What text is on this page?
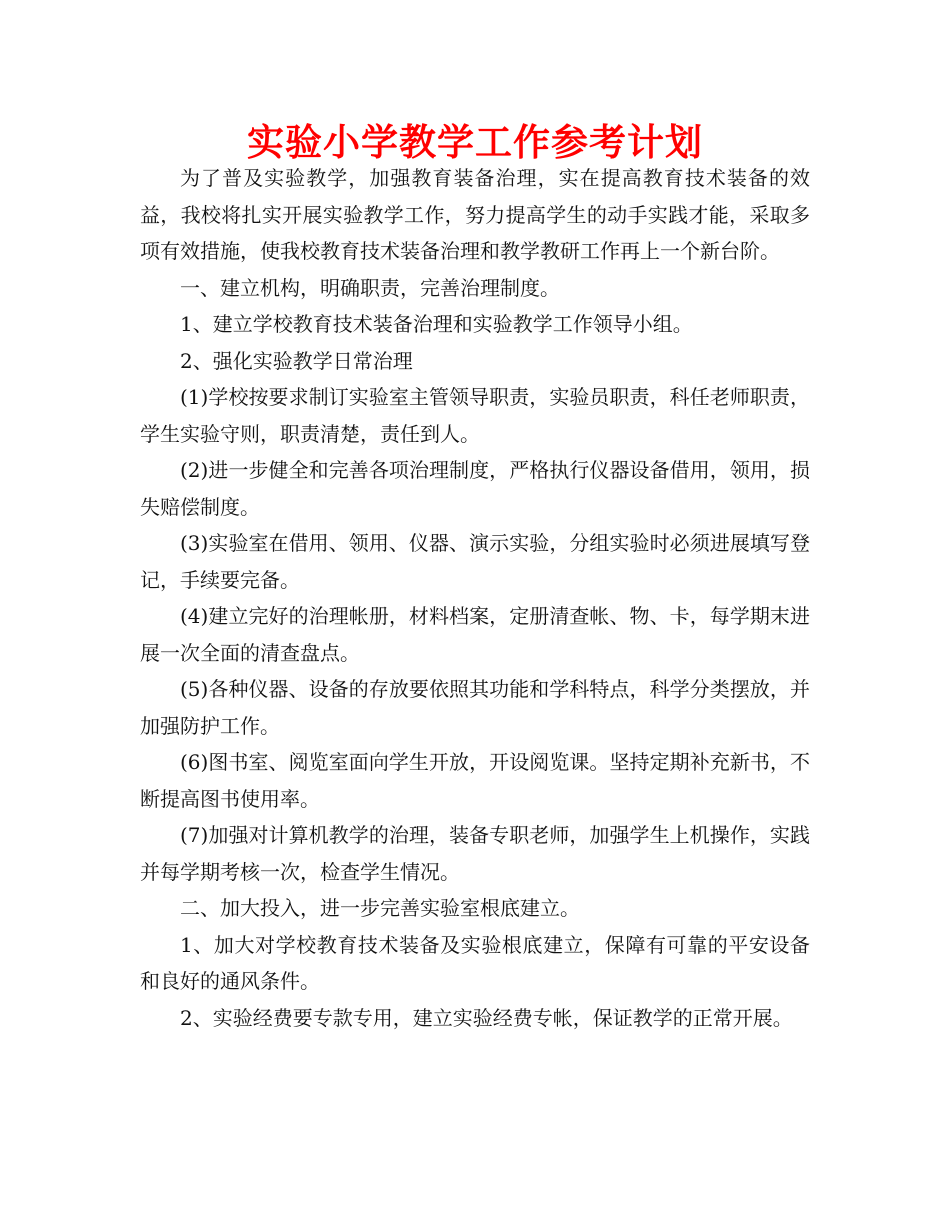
实验小学教学工作参考计划

为了普及实验教学，加强教育装备治理，实在提高教育技术装备的效益，我校将扎实开展实验教学工作，努力提高学生的动手实践才能，采取多项有效措施，使我校教育技术装备治理和教学教研工作再上一个新台阶。

一、建立机构，明确职责，完善治理制度。

1、建立学校教育技术装备治理和实验教学工作领导小组。

2、强化实验教学日常治理

(1)学校按要求制订实验室主管领导职责，实验员职责，科任老师职责，学生实验守则，职责清楚，责任到人。

(2)进一步健全和完善各项治理制度，严格执行仪器设备借用，领用，损失赔偿制度。

(3)实验室在借用、领用、仪器、演示实验，分组实验时必须进展填写登记，手续要完备。

(4)建立完好的治理帐册，材料档案，定册清查帐、物、卡，每学期末进展一次全面的清查盘点。

(5)各种仪器、设备的存放要依照其功能和学科特点，科学分类摆放，并加强防护工作。

(6)图书室、阅览室面向学生开放，开设阅览课。坚持定期补充新书，不断提高图书使用率。

(7)加强对计算机教学的治理，装备专职老师，加强学生上机操作，实践并每学期考核一次，检查学生情况。

二、加大投入，进一步完善实验室根底建立。

1、加大对学校教育技术装备及实验根底建立，保障有可靠的平安设备和良好的通风条件。

2、实验经费要专款专用，建立实验经费专帐，保证教学的正常开展。
